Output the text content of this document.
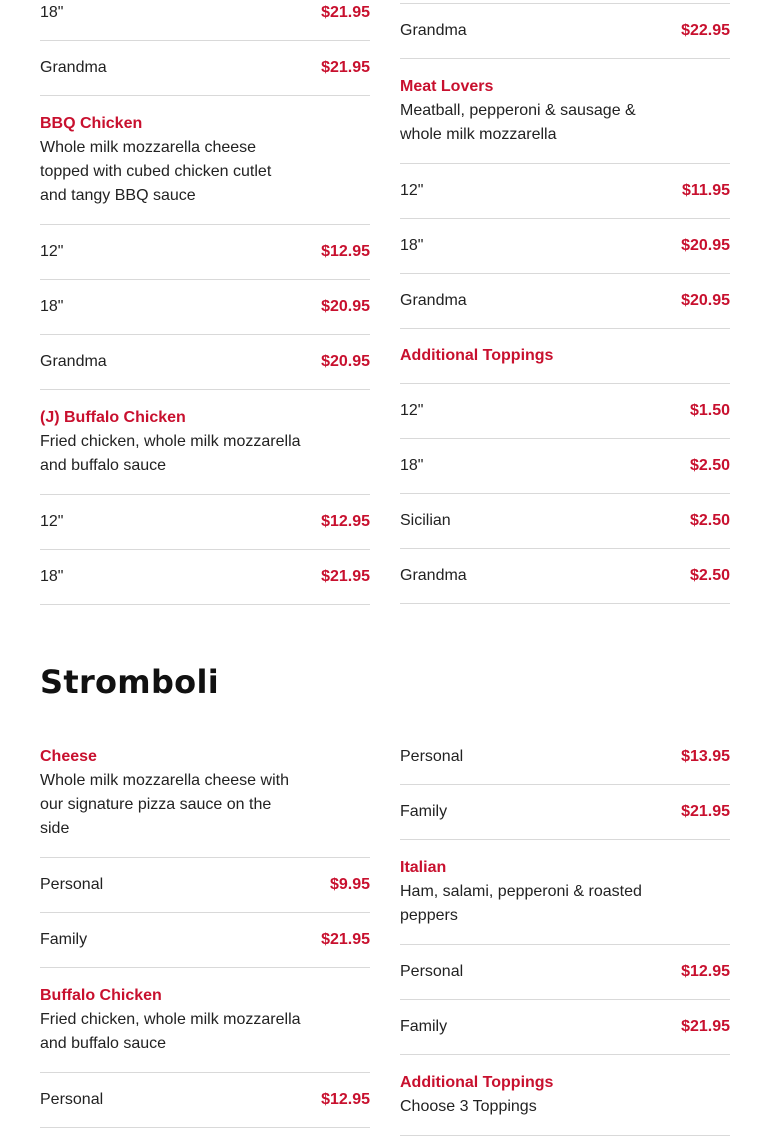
18"	$21.95
Grandma	$21.95
BBQ Chicken
Whole milk mozzarella cheese topped with cubed chicken cutlet and tangy BBQ sauce
12"	$12.95
18"	$20.95
Grandma	$20.95
(J) Buffalo Chicken
Fried chicken, whole milk mozzarella and buffalo sauce
12"	$12.95
18"	$21.95
Grandma	$22.95
Meat Lovers
Meatball, pepperoni & sausage & whole milk mozzarella
12"	$11.95
18"	$20.95
Grandma	$20.95
Additional Toppings
12"	$1.50
18"	$2.50
Sicilian	$2.50
Grandma	$2.50
Stromboli
Cheese
Whole milk mozzarella cheese with our signature pizza sauce on the side
Personal	$9.95
Family	$21.95
Buffalo Chicken
Fried chicken, whole milk mozzarella and buffalo sauce
Personal	$12.95
Personal	$13.95
Family	$21.95
Italian
Ham, salami, pepperoni & roasted peppers
Personal	$12.95
Family	$21.95
Additional Toppings
Choose 3 Toppings
